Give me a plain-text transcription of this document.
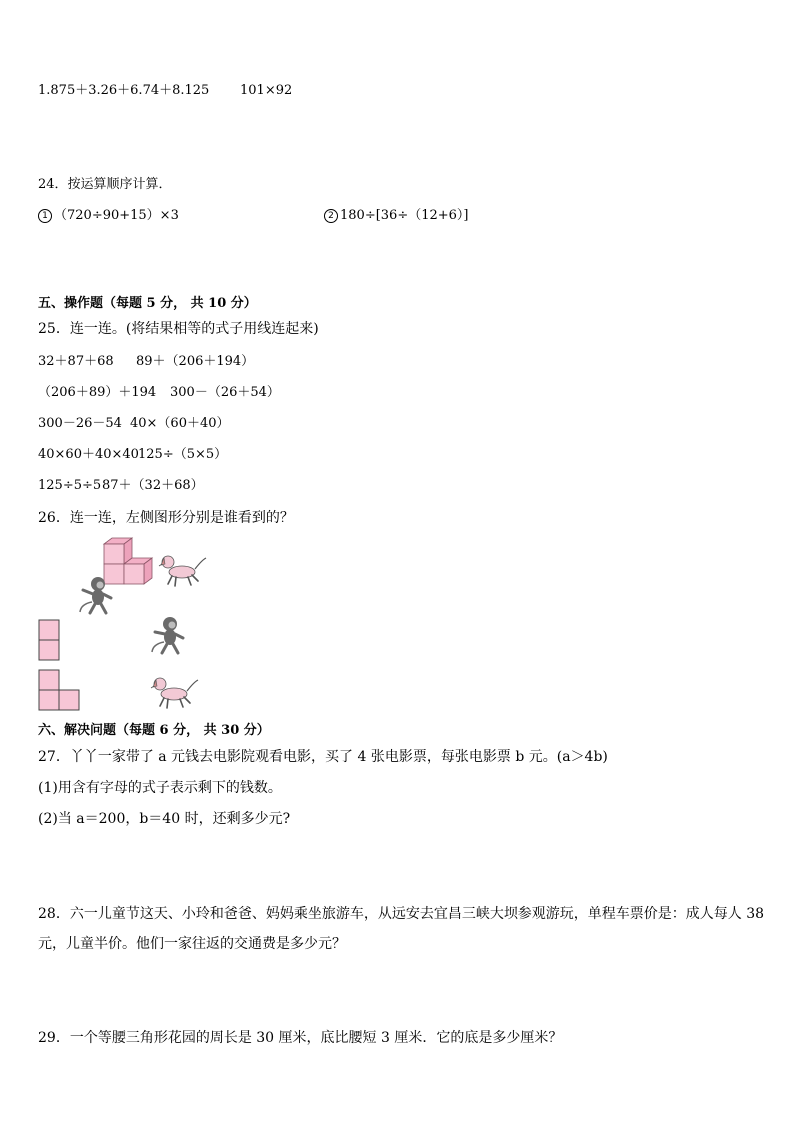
1.875＋3.26＋6.74＋8.125 101×92
24．按运算顺序计算．
1 （720÷90+15）×3	2 180÷[36÷（12+6）]
五、操作题（每题 5 分， 共 10 分）
25．连一连。(将结果相等的式子用线连起来)
32＋87＋68 89＋（206＋194）
（206＋89）＋194 300－（26＋54）
300－26－54 40×（60＋40）
40×60＋40×40 125÷（5×5）
125÷5÷5 87＋（32＋68）
26．连一连，左侧图形分别是谁看到的？
六、解决问题（每题 6 分， 共 30 分）
27．丫丫一家带了 a 元钱去电影院观看电影，买了 4 张电影票，每张电影票 b 元。(a＞4b)
(1)用含有字母的式子表示剩下的钱数。
(2)当 a＝200，b＝40 时，还剩多少元?
28．六一儿童节这天、小玲和爸爸、妈妈乘坐旅游车，从远安去宜昌三峡大坝参观游玩，单程车票价是：成人每人 38
元，儿童半价。他们一家往返的交通费是多少元？
29．一个等腰三角形花园的周长是 30 厘米，底比腰短 3 厘米．它的底是多少厘米？
